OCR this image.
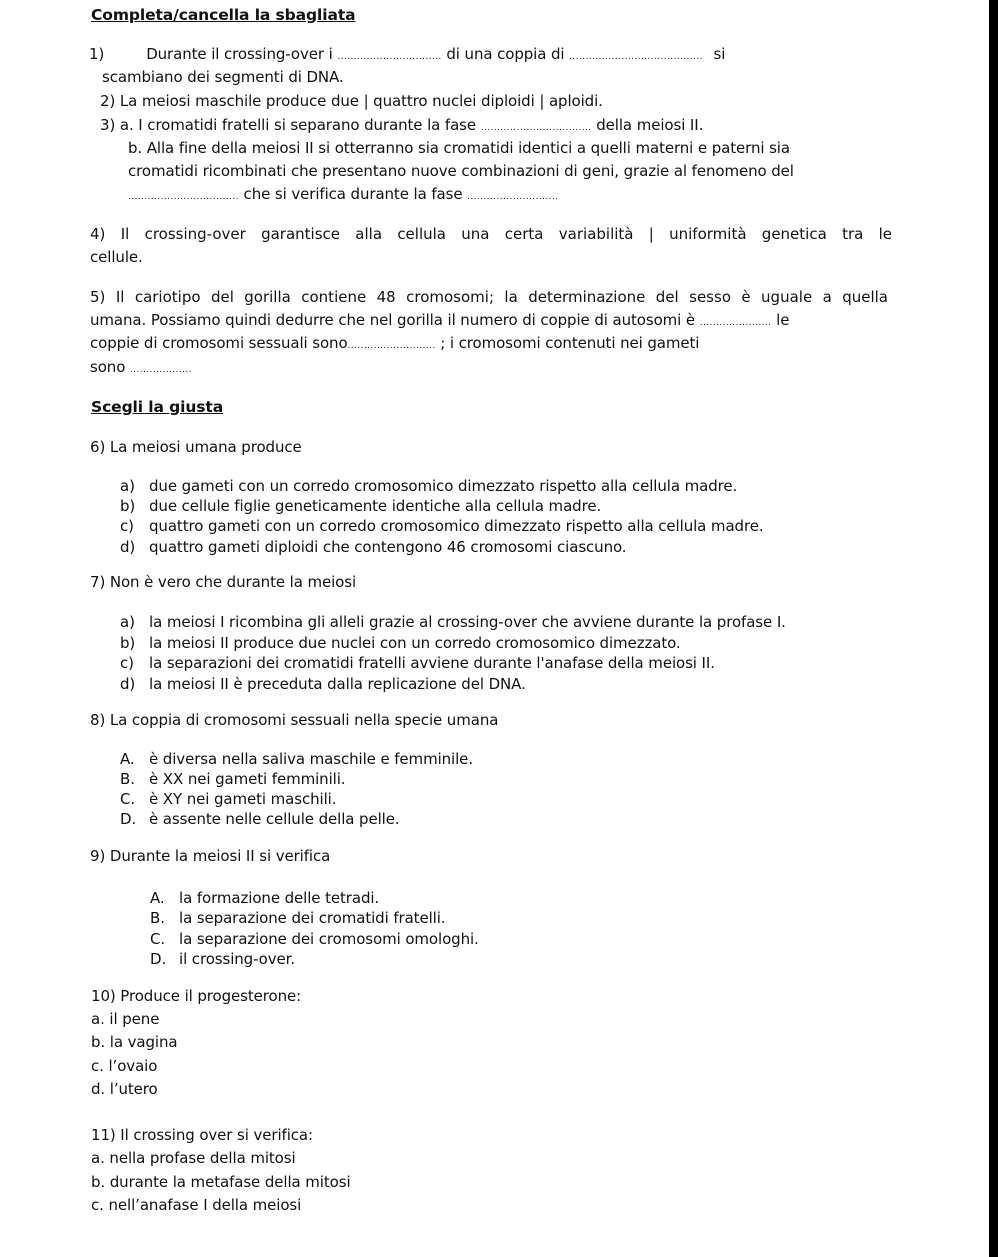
Completa/cancella la sbagliata
1)	Durante il crossing-over i ................................ di una coppia di ......................................... si
scambiano dei segmenti di DNA.
2) La meiosi maschile produce due | quattro nuclei diploidi | aploidi.
3) a. I cromatidi fratelli si separano durante la fase .................................. della meiosi II.
b. Alla fine della meiosi II si otterranno sia cromatidi identici a quelli materni e paterni sia
cromatidi ricombinati che presentano nuove combinazioni di geni, grazie al fenomeno del
.................................. che si verifica durante la fase ............................
4) Il crossing-over garantisce alla cellula una certa variabilità | uniformità genetica tra le
cellule.
5) Il cariotipo del gorilla contiene 48 cromosomi; la determinazione del sesso è uguale a quella
umana. Possiamo quindi dedurre che nel gorilla il numero di coppie di autosomi è ...................... le
coppie di cromosomi sessuali sono........................... ; i cromosomi contenuti nei gameti
sono ...................
Scegli la giusta
6) La meiosi umana produce
a) due gameti con un corredo cromosomico dimezzato rispetto alla cellula madre.
b) due cellule figlie geneticamente identiche alla cellula madre.
c) quattro gameti con un corredo cromosomico dimezzato rispetto alla cellula madre.
d) quattro gameti diploidi che contengono 46 cromosomi ciascuno.
7) Non è vero che durante la meiosi
a) la meiosi I ricombina gli alleli grazie al crossing-over che avviene durante la profase I.
b) la meiosi II produce due nuclei con un corredo cromosomico dimezzato.
c) la separazioni dei cromatidi fratelli avviene durante l'anafase della meiosi II.
d) la meiosi II è preceduta dalla replicazione del DNA.
8) La coppia di cromosomi sessuali nella specie umana
A. è diversa nella saliva maschile e femminile.
B. è XX nei gameti femminili.
C. è XY nei gameti maschili.
D. è assente nelle cellule della pelle.
9) Durante la meiosi II si verifica
A. la formazione delle tetradi.
B. la separazione dei cromatidi fratelli.
C. la separazione dei cromosomi omologhi.
D. il crossing-over.
10) Produce il progesterone:
a. il pene
b. la vagina
c. l’ovaio
d. l’utero
11) Il crossing over si verifica:
a. nella profase della mitosi
b. durante la metafase della mitosi
c. nell’anafase I della meiosi
